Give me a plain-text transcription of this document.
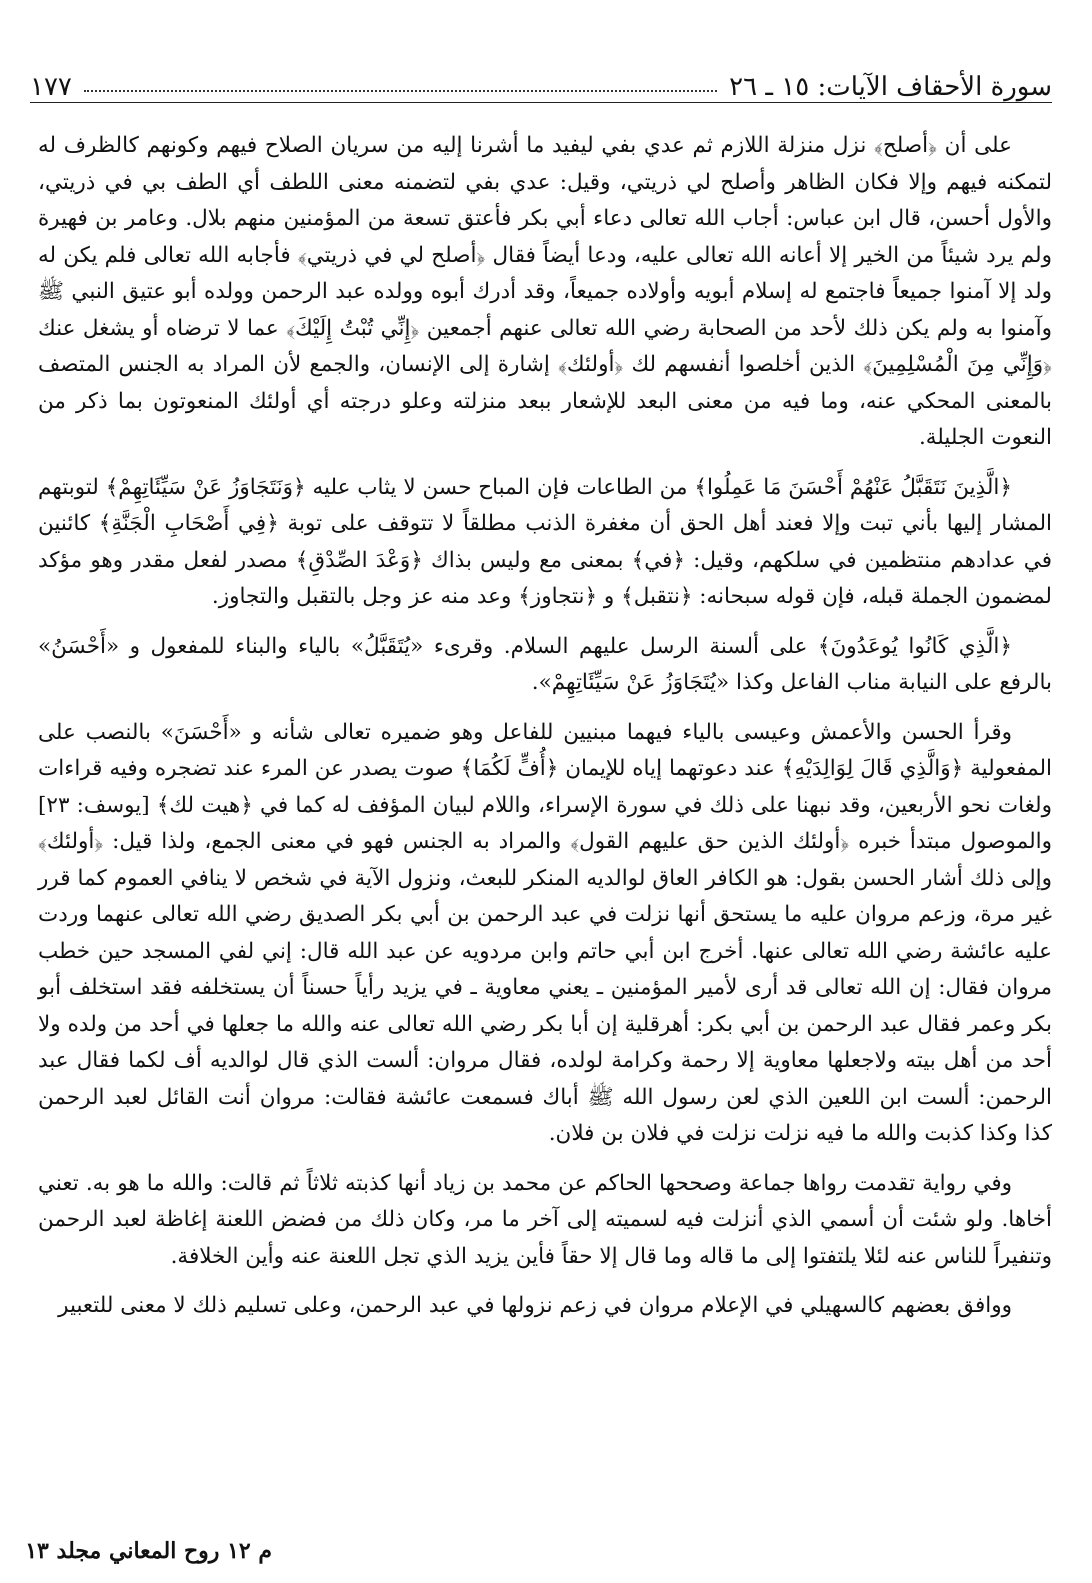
سورة الأحقاف الآيات: ١٥ ـ ٢٦
١٧٧

على أن ﴿أصلح﴾ نزل منزلة اللازم ثم عدي بفي ليفيد ما أشرنا إليه من سريان الصلاح فيهم وكونهم كالظرف له لتمكنه فيهم وإلا فكان الظاهر وأصلح لي ذريتي، وقيل: عدي بفي لتضمنه معنى اللطف أي الطف بي في ذريتي، والأول أحسن، قال ابن عباس: أجاب الله تعالى دعاء أبي بكر فأعتق تسعة من المؤمنين منهم بلال. وعامر بن فهيرة ولم يرد شيئاً من الخير إلا أعانه الله تعالى عليه، ودعا أيضاً فقال ﴿أصلح لي في ذريتي﴾ فأجابه الله تعالى فلم يكن له ولد إلا آمنوا جميعاً فاجتمع له إسلام أبويه وأولاده جميعاً، وقد أدرك أبوه وولده عبد الرحمن وولده أبو عتيق النبي ﷺ وآمنوا به ولم يكن ذلك لأحد من الصحابة رضي الله تعالى عنهم أجمعين ﴿إِنِّي تُبْتُ إِلَيْكَ﴾ عما لا ترضاه أو يشغل عنك ﴿وَإِنِّي مِنَ الْمُسْلِمِينَ﴾ الذين أخلصوا أنفسهم لك ﴿أولئك﴾ إشارة إلى الإنسان، والجمع لأن المراد به الجنس المتصف بالمعنى المحكي عنه، وما فيه من معنى البعد للإشعار ببعد منزلته وعلو درجته أي أولئك المنعوتون بما ذكر من النعوت الجليلة.

﴿الَّذِينَ نَتَقَبَّلُ عَنْهُمْ أَحْسَنَ مَا عَمِلُوا﴾ من الطاعات فإن المباح حسن لا يثاب عليه ﴿وَنَتَجَاوَزُ عَنْ سَيِّئَاتِهِمْ﴾ لتوبتهم المشار إليها بأني تبت وإلا فعند أهل الحق أن مغفرة الذنب مطلقاً لا تتوقف على توبة ﴿فِي أَصْحَابِ الْجَنَّةِ﴾ كائنين في عدادهم منتظمين في سلكهم، وقيل: ﴿في﴾ بمعنى مع وليس بذاك ﴿وَعْدَ الصِّدْقِ﴾ مصدر لفعل مقدر وهو مؤكد لمضمون الجملة قبله، فإن قوله سبحانه: ﴿نتقبل﴾ و ﴿نتجاوز﴾ وعد منه عز وجل بالتقبل والتجاوز.

﴿الَّذِي كَانُوا يُوعَدُونَ﴾ على ألسنة الرسل عليهم السلام. وقرىء «يُتَقَبَّلُ» بالياء والبناء للمفعول و «أَحْسَنُ» بالرفع على النيابة مناب الفاعل وكذا «يُتَجَاوَزُ عَنْ سَيِّئَاتِهِمْ».

وقرأ الحسن والأعمش وعيسى بالياء فيهما مبنيين للفاعل وهو ضميره تعالى شأنه و «أَحْسَنَ» بالنصب على المفعولية ﴿وَالَّذِي قَالَ لِوَالِدَيْهِ﴾ عند دعوتهما إياه للإيمان ﴿أُفٍّ لَكُمَا﴾ صوت يصدر عن المرء عند تضجره وفيه قراءات ولغات نحو الأربعين، وقد نبهنا على ذلك في سورة الإسراء، واللام لبيان المؤفف له كما في ﴿هيت لك﴾ [يوسف: ٢٣] والموصول مبتدأ خبره ﴿أولئك الذين حق عليهم القول﴾ والمراد به الجنس فهو في معنى الجمع، ولذا قيل: ﴿أولئك﴾ وإلى ذلك أشار الحسن بقول: هو الكافر العاق لوالديه المنكر للبعث، ونزول الآية في شخص لا ينافي العموم كما قرر غير مرة، وزعم مروان عليه ما يستحق أنها نزلت في عبد الرحمن بن أبي بكر الصديق رضي الله تعالى عنهما وردت عليه عائشة رضي الله تعالى عنها. أخرج ابن أبي حاتم وابن مردويه عن عبد الله قال: إني لفي المسجد حين خطب مروان فقال: إن الله تعالى قد أرى لأمير المؤمنين ـ يعني معاوية ـ في يزيد رأياً حسناً أن يستخلفه فقد استخلف أبو بكر وعمر فقال عبد الرحمن بن أبي بكر: أهرقلية إن أبا بكر رضي الله تعالى عنه والله ما جعلها في أحد من ولده ولا أحد من أهل بيته ولاجعلها معاوية إلا رحمة وكرامة لولده، فقال مروان: ألست الذي قال لوالديه أف لكما فقال عبد الرحمن: ألست ابن اللعين الذي لعن رسول الله ﷺ أباك فسمعت عائشة فقالت: مروان أنت القائل لعبد الرحمن كذا وكذا كذبت والله ما فيه نزلت نزلت في فلان بن فلان.

وفي رواية تقدمت رواها جماعة وصححها الحاكم عن محمد بن زياد أنها كذبته ثلاثاً ثم قالت: والله ما هو به. تعني أخاها. ولو شئت أن أسمي الذي أنزلت فيه لسميته إلى آخر ما مر، وكان ذلك من فضض اللعنة إغاظة لعبد الرحمن وتنفيراً للناس عنه لئلا يلتفتوا إلى ما قاله وما قال إلا حقاً فأين يزيد الذي تجل اللعنة عنه وأين الخلافة.

ووافق بعضهم كالسهيلي في الإعلام مروان في زعم نزولها في عبد الرحمن، وعلى تسليم ذلك لا معنى للتعبير

م ١٢ روح المعاني مجلد ١٣
